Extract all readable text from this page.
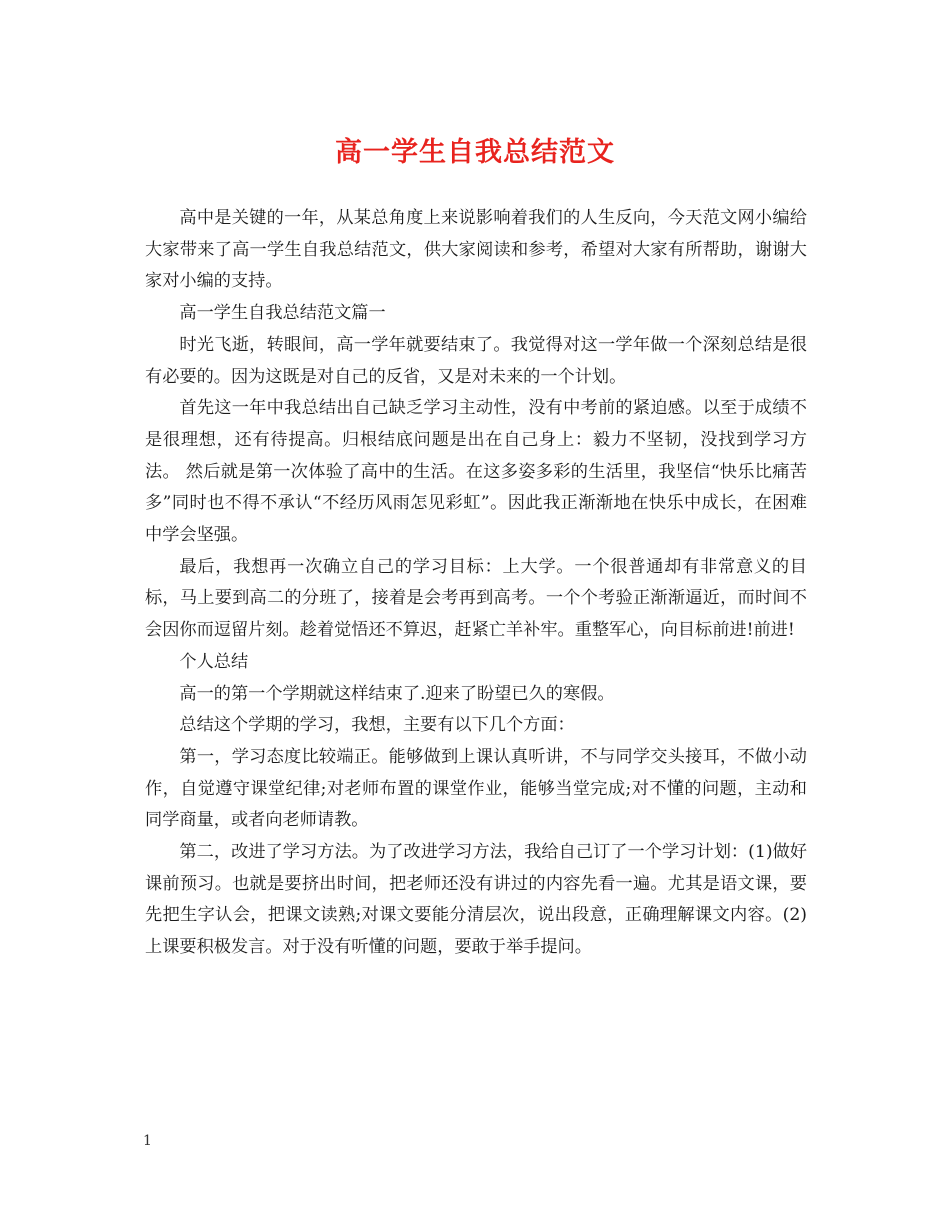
高一学生自我总结范文

高中是关键的一年，从某总角度上来说影响着我们的人生反向，今天范文网小编给大家带来了高一学生自我总结范文，供大家阅读和参考，希望对大家有所帮助，谢谢大家对小编的支持。

高一学生自我总结范文篇一

时光飞逝，转眼间，高一学年就要结束了。我觉得对这一学年做一个深刻总结是很有必要的。因为这既是对自己的反省，又是对未来的一个计划。

首先这一年中我总结出自己缺乏学习主动性，没有中考前的紧迫感。以至于成绩不是很理想，还有待提高。归根结底问题是出在自己身上：毅力不坚韧，没找到学习方法。 然后就是第一次体验了高中的生活。在这多姿多彩的生活里，我坚信“快乐比痛苦多”同时也不得不承认“不经历风雨怎见彩虹”。因此我正渐渐地在快乐中成长，在困难中学会坚强。

最后，我想再一次确立自己的学习目标：上大学。一个很普通却有非常意义的目标，马上要到高二的分班了，接着是会考再到高考。一个个考验正渐渐逼近，而时间不会因你而逗留片刻。趁着觉悟还不算迟，赶紧亡羊补牢。重整军心，向目标前进!前进!

个人总结

高一的第一个学期就这样结束了.迎来了盼望已久的寒假。

总结这个学期的学习，我想，主要有以下几个方面：

第一，学习态度比较端正。能够做到上课认真听讲，不与同学交头接耳，不做小动作，自觉遵守课堂纪律;对老师布置的课堂作业，能够当堂完成;对不懂的问题，主动和同学商量，或者向老师请教。

第二，改进了学习方法。为了改进学习方法，我给自己订了一个学习计划：(1)做好课前预习。也就是要挤出时间，把老师还没有讲过的内容先看一遍。尤其是语文课，要先把生字认会，把课文读熟;对课文要能分清层次，说出段意，正确理解课文内容。(2)上课要积极发言。对于没有听懂的问题，要敢于举手提问。

1
